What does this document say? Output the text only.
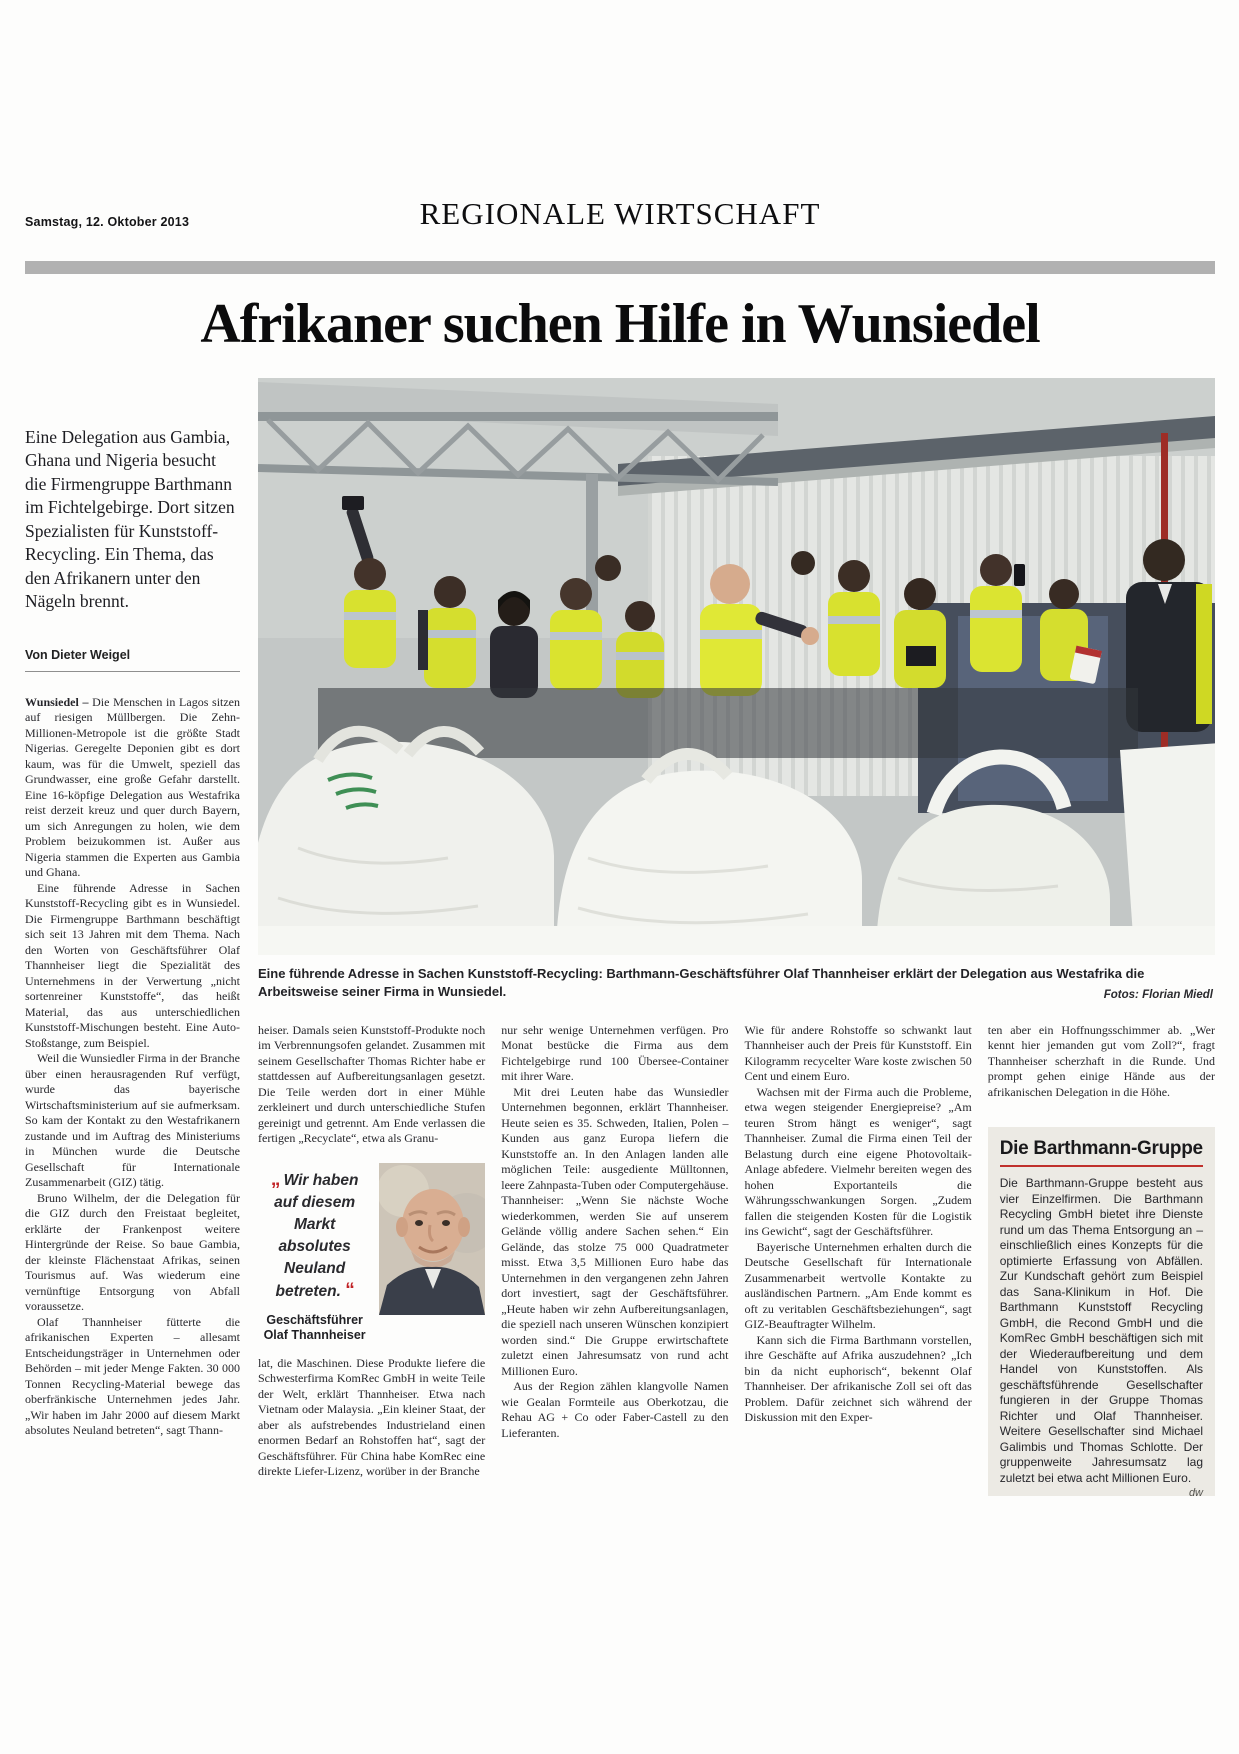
Samstag, 12. Oktober 2013	REGIONALE WIRTSCHAFT
Afrikaner suchen Hilfe in Wunsiedel
Eine Delegation aus Gambia, Ghana und Nigeria besucht die Firmengruppe Barthmann im Fichtelgebirge. Dort sitzen Spezialisten für Kunststoff-Recycling. Ein Thema, das den Afrikanern unter den Nägeln brennt.
Von Dieter Weigel

Wunsiedel – Die Menschen in Lagos sitzen auf riesigen Müllbergen. Die Zehn-Millionen-Metropole ist die größte Stadt Nigerias. Geregelte Deponien gibt es dort kaum, was für die Umwelt, speziell das Grundwasser, eine große Gefahr darstellt. Eine 16-köpfige Delegation aus Westafrika reist derzeit kreuz und quer durch Bayern, um sich Anregungen zu holen, wie dem Problem beizukommen ist. Außer aus Nigeria stammen die Experten aus Gambia und Ghana.

Eine führende Adresse in Sachen Kunststoff-Recycling gibt es in Wunsiedel. Die Firmengruppe Barthmann beschäftigt sich seit 13 Jahren mit dem Thema. Nach den Worten von Geschäftsführer Olaf Thannheiser liegt die Spezialität des Unternehmens in der Verwertung „nicht sortenreiner Kunststoffe“, das heißt Material, das aus unterschiedlichen Kunststoff-Mischungen besteht. Eine Auto-Stoßstange, zum Beispiel.

Weil die Wunsiedler Firma in der Branche über einen herausragenden Ruf verfügt, wurde das bayerische Wirtschaftsministerium auf sie aufmerksam. So kam der Kontakt zu den Westafrikanern zustande und im Auftrag des Ministeriums in München wurde die Deutsche Gesellschaft für Internationale Zusammenarbeit (GIZ) tätig.

Bruno Wilhelm, der die Delegation für die GIZ durch den Freistaat begleitet, erklärte der Frankenpost weitere Hintergründe der Reise. So baue Gambia, der kleinste Flächenstaat Afrikas, seinen Tourismus auf. Was wiederum eine vernünftige Entsorgung von Abfall voraussetze.

Olaf Thannheiser fütterte die afrikanischen Experten – allesamt Entscheidungsträger in Unternehmen oder Behörden – mit jeder Menge Fakten. 30 000 Tonnen Recycling-Material bewege das oberfränkische Unternehmen jedes Jahr. „Wir haben im Jahr 2000 auf diesem Markt absolutes Neuland betreten“, sagt Thann-

Eine führende Adresse in Sachen Kunststoff-Recycling: Barthmann-Geschäftsführer Olaf Thannheiser erklärt der Delegation aus Westafrika die Arbeitsweise seiner Firma in Wunsiedel.	Fotos: Florian Miedl

heiser. Damals seien Kunststoff-Produkte noch im Verbrennungsofen gelandet. Zusammen mit seinem Gesellschafter Thomas Richter habe er stattdessen auf Aufbereitungsanlagen gesetzt. Die Teile werden dort in einer Mühle zerkleinert und durch unterschiedliche Stufen gereinigt und getrennt. Am Ende verlassen die fertigen „Recyclate“, etwa als Granu-

„ Wir haben auf diesem Markt absolutes Neuland betreten. “
Geschäftsführer
Olaf Thannheiser

lat, die Maschinen. Diese Produkte liefere die Schwesterfirma KomRec GmbH in weite Teile der Welt, erklärt Thannheiser. Etwa nach Vietnam oder Malaysia. „Ein kleiner Staat, der aber als aufstrebendes Industrieland einen enormen Bedarf an Rohstoffen hat“, sagt der Geschäftsführer. Für China habe KomRec eine direkte Liefer-Lizenz, worüber in der Branche

nur sehr wenige Unternehmen verfügen. Pro Monat bestücke die Firma aus dem Fichtelgebirge rund 100 Übersee-Container mit ihrer Ware.

Mit drei Leuten habe das Wunsiedler Unternehmen begonnen, erklärt Thannheiser. Heute seien es 35. Schweden, Italien, Polen – Kunden aus ganz Europa liefern die Kunststoffe an. In den Anlagen landen alle möglichen Teile: ausgediente Mülltonnen, leere Zahnpasta-Tuben oder Computergehäuse. Thannheiser: „Wenn Sie nächste Woche wiederkommen, werden Sie auf unserem Gelände völlig andere Sachen sehen.“ Ein Gelände, das stolze 75 000 Quadratmeter misst. Etwa 3,5 Millionen Euro habe das Unternehmen in den vergangenen zehn Jahren dort investiert, sagt der Geschäftsführer. „Heute haben wir zehn Aufbereitungsanlagen, die speziell nach unseren Wünschen konzipiert worden sind.“ Die Gruppe erwirtschaftete zuletzt einen Jahresumsatz von rund acht Millionen Euro.

Aus der Region zählen klangvolle Namen wie Gealan Formteile aus Oberkotzau, die Rehau AG + Co oder Faber-Castell zu den Lieferanten.

Wie für andere Rohstoffe so schwankt laut Thannheiser auch der Preis für Kunststoff. Ein Kilogramm recycelter Ware koste zwischen 50 Cent und einem Euro.

Wachsen mit der Firma auch die Probleme, etwa wegen steigender Energiepreise? „Am teuren Strom hängt es weniger“, sagt Thannheiser. Zumal die Firma einen Teil der Belastung durch eine eigene Photovoltaik-Anlage abfedere. Vielmehr bereiten wegen des hohen Exportanteils die Währungsschwankungen Sorgen. „Zudem fallen die steigenden Kosten für die Logistik ins Gewicht“, sagt der Geschäftsführer.

Bayerische Unternehmen erhalten durch die Deutsche Gesellschaft für Internationale Zusammenarbeit wertvolle Kontakte zu ausländischen Partnern. „Am Ende kommt es oft zu veritablen Geschäftsbeziehungen“, sagt GIZ-Beauftragter Wilhelm.

Kann sich die Firma Barthmann vorstellen, ihre Geschäfte auf Afrika auszudehnen? „Ich bin da nicht euphorisch“, bekennt Olaf Thannheiser. Der afrikanische Zoll sei oft das Problem. Dafür zeichnet sich während der Diskussion mit den Exper-

ten aber ein Hoffnungsschimmer ab. „Wer kennt hier jemanden gut vom Zoll?“, fragt Thannheiser scherzhaft in die Runde. Und prompt gehen einige Hände aus der afrikanischen Delegation in die Höhe.

Die Barthmann-Gruppe

Die Barthmann-Gruppe besteht aus vier Einzelfirmen. Die Barthmann Recycling GmbH bietet ihre Dienste rund um das Thema Entsorgung an – einschließlich eines Konzepts für die optimierte Erfassung von Abfällen. Zur Kundschaft gehört zum Beispiel das Sana-Klinikum in Hof. Die Barthmann Kunststoff Recycling GmbH, die Recond GmbH und die KomRec GmbH beschäftigen sich mit der Wiederaufbereitung und dem Handel von Kunststoffen. Als geschäftsführende Gesellschafter fungieren in der Gruppe Thomas Richter und Olaf Thannheiser. Weitere Gesellschafter sind Michael Galimbis und Thomas Schlotte. Der gruppenweite Jahresumsatz lag zuletzt bei etwa acht Millionen Euro.
dw
